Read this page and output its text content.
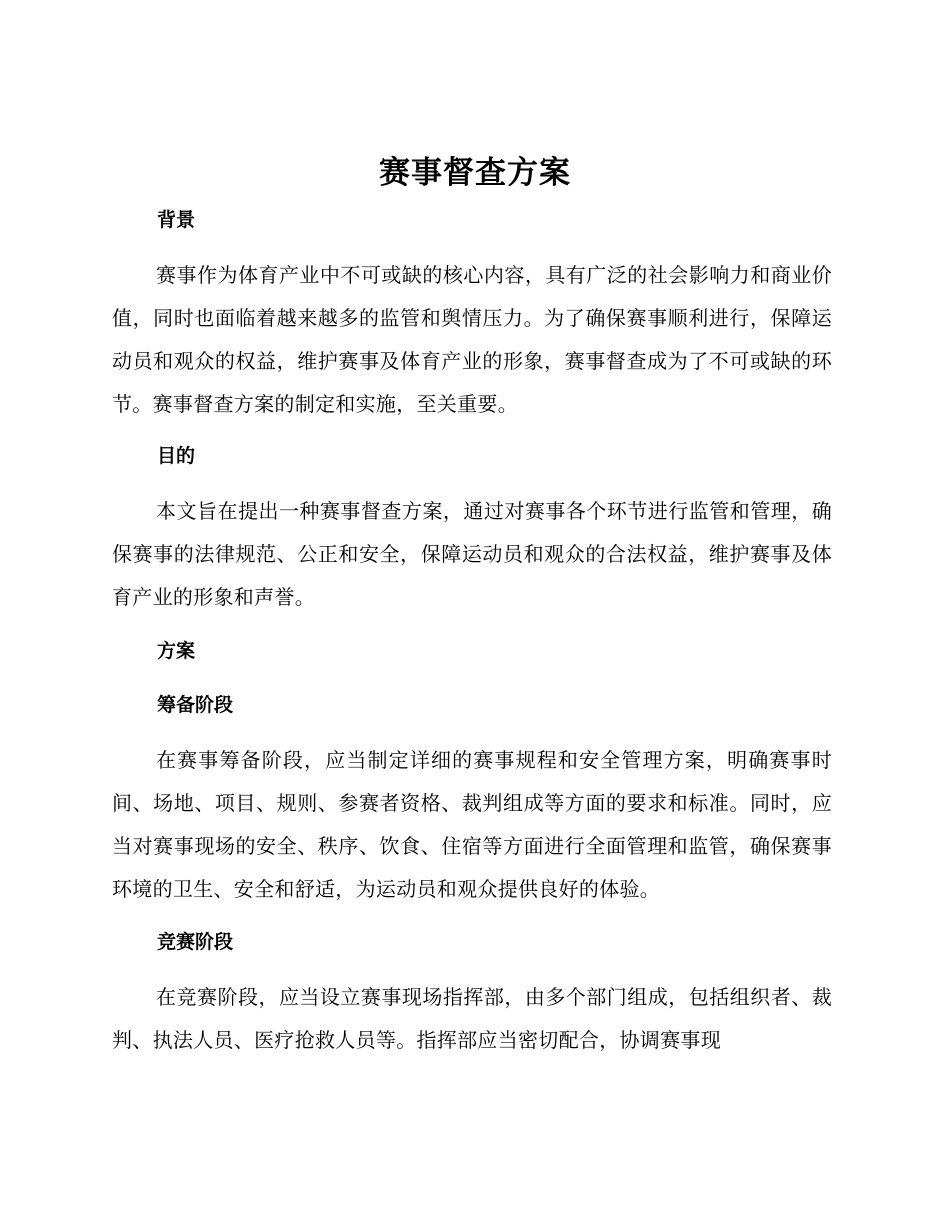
赛事督查方案
背景
赛事作为体育产业中不可或缺的核心内容，具有广泛的社会影响力和商业价值，同时也面临着越来越多的监管和舆情压力。为了确保赛事顺利进行，保障运动员和观众的权益，维护赛事及体育产业的形象，赛事督查成为了不可或缺的环节。赛事督查方案的制定和实施，至关重要。
目的
本文旨在提出一种赛事督查方案，通过对赛事各个环节进行监管和管理，确保赛事的法律规范、公正和安全，保障运动员和观众的合法权益，维护赛事及体育产业的形象和声誉。
方案
筹备阶段
在赛事筹备阶段，应当制定详细的赛事规程和安全管理方案，明确赛事时间、场地、项目、规则、参赛者资格、裁判组成等方面的要求和标准。同时，应当对赛事现场的安全、秩序、饮食、住宿等方面进行全面管理和监管，确保赛事环境的卫生、安全和舒适，为运动员和观众提供良好的体验。
竞赛阶段
在竞赛阶段，应当设立赛事现场指挥部，由多个部门组成，包括组织者、裁判、执法人员、医疗抢救人员等。指挥部应当密切配合，协调赛事现
